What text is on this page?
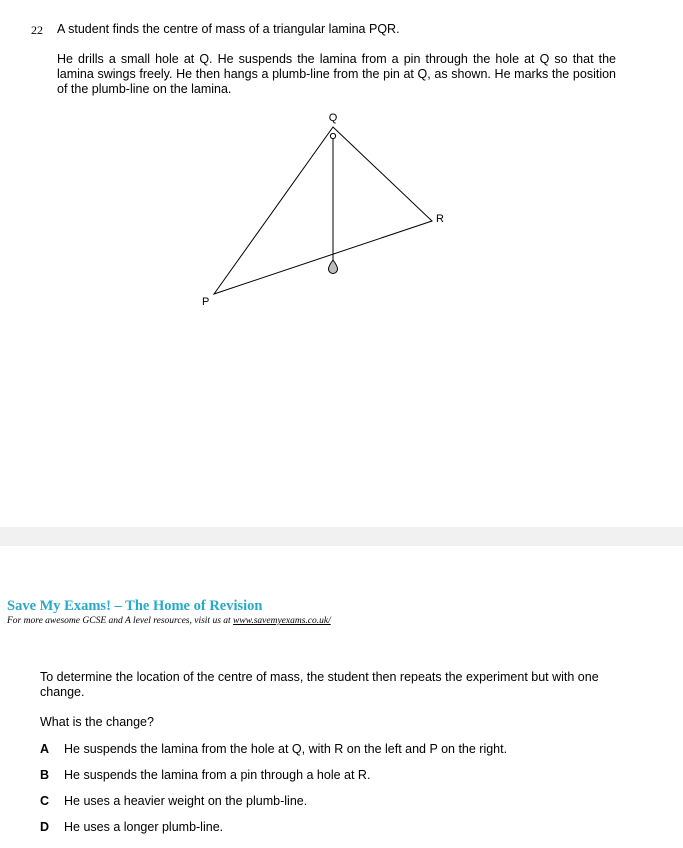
22 A student finds the centre of mass of a triangular lamina PQR.
He drills a small hole at Q. He suspends the lamina from a pin through the hole at Q so that the lamina swings freely. He then hangs a plumb-line from the pin at Q, as shown. He marks the position of the plumb-line on the lamina.
Q
R
P
Save My Exams! – The Home of Revision
For more awesome GCSE and A level resources, visit us at www.savemyexams.co.uk/
To determine the location of the centre of mass, the student then repeats the experiment but with one change.
What is the change?
A He suspends the lamina from the hole at Q, with R on the left and P on the right.
B He suspends the lamina from a pin through a hole at R.
C He uses a heavier weight on the plumb-line.
D He uses a longer plumb-line.
